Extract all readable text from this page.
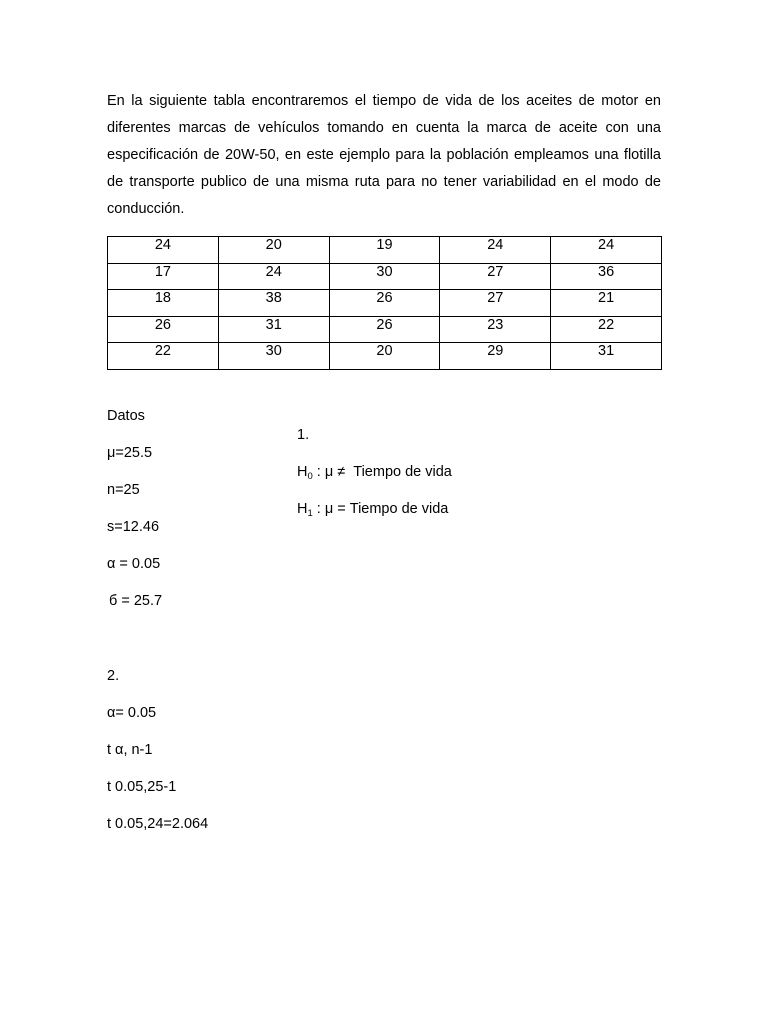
En la siguiente tabla encontraremos el tiempo de vida de los aceites de motor en diferentes marcas de vehículos tomando en cuenta la marca de aceite con una especificación de 20W-50, en este ejemplo para la población empleamos una flotilla de transporte publico de una misma ruta para no tener variabilidad en el modo de conducción.

24	20	19	24	24
17	24	30	27	36
18	38	26	27	21
26	31	26	23	22
22	30	20	29	31
Datos
μ=25.5
n=25
s=12.46
α = 0.05
б = 25.7
1.
$H_0$ : μ ≠  Tiempo de vida
$H_1$ : μ = Tiempo de vida
2.
α= 0.05
t α, n-1
t 0.05,25-1
t 0.05,24=2.064
